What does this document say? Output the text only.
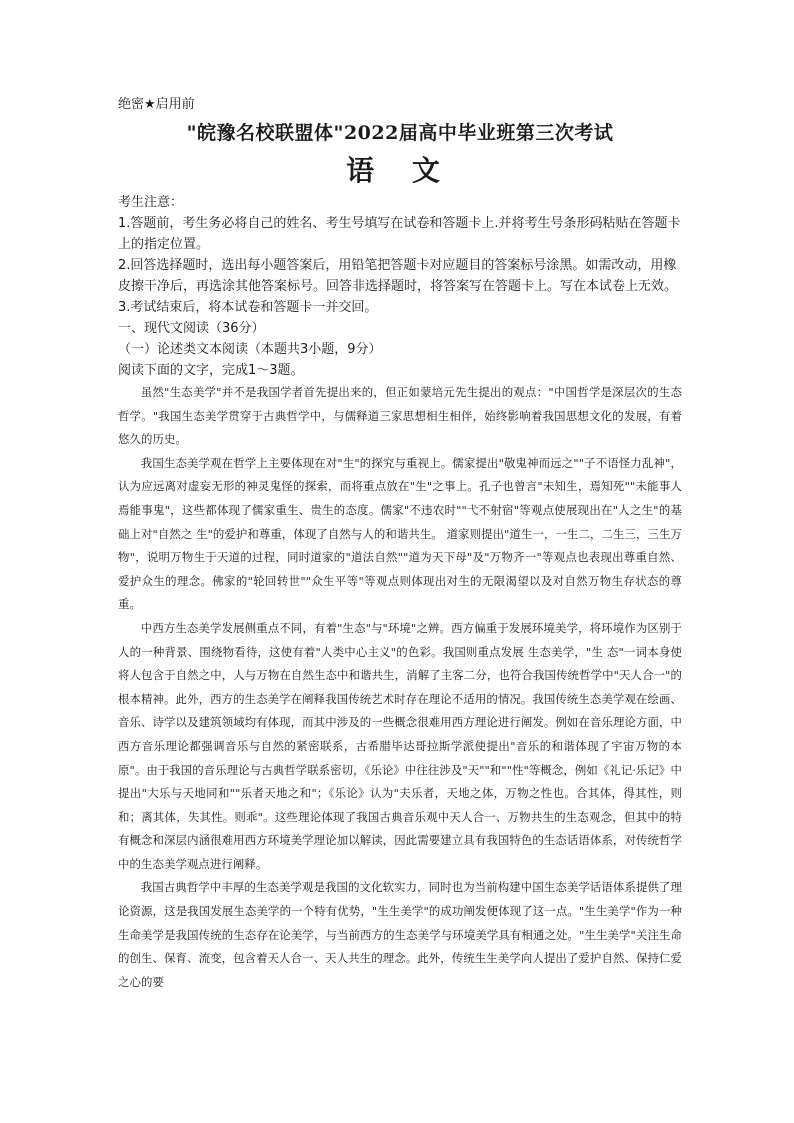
绝密★启用前
"皖豫名校联盟体"2022届高中毕业班第三次考试
语 文

考生注意：

1.答题前，考生务必将自己的姓名、考生号填写在试卷和答题卡上.并将考生号条形码粘贴在答题卡上的指定位置。

2.回答选择题时，选出每小题答案后，用铅笔把答题卡对应题目的答案标号涂黑。如需改动，用橡皮擦干净后，再选涂其他答案标号。回答非选择题时，将答案写在答题卡上。写在本试卷上无效。

3.考试结束后，将本试卷和答题卡一并交回。

一、现代文阅读（36分）

（一）论述类文本阅读（本题共3小题，9分）

阅读下面的文字，完成1～3题。

虽然"生态美学"并不是我国学者首先提出来的，但正如蒙培元先生提出的观点："中国哲学是深层次的生态哲学。"我国生态美学贯穿于古典哲学中，与儒释道三家思想相生相伴，始终影响着我国思想文化的发展，有着悠久的历史。

我国生态美学观在哲学上主要体现在对"生"的探究与重视上。儒家提出"敬鬼神而远之""子不语怪力乱神"，认为应远离对虚妄无形的神灵鬼怪的探索，而将重点放在"生"之事上。孔子也曾言"未知生，焉知死""未能事人焉能事鬼"，这些都体现了儒家重生、贵生的态度。儒家"不违农时""弋不射宿"等观点使展现出在"人之生"的基础上对"自然之 生"的爱护和尊重，体现了自然与人的和谐共生。 道家则提出"道生一，一生二，二生三，三生万物"，说明万物生于天道的过程，同时道家的"道法自然""道为天下母"及"万物齐一"等观点也表现出尊重自然、爱护众生的理念。佛家的"轮回转世""众生平等"等观点则体现出对生的无限渴望以及对自然万物生存状态的尊重。

中西方生态美学发展侧重点不同，有着"生态"与"环境"之辨。西方偏重于发展环境美学，将环境作为区别于人的一种背景、围绕物看待，这使有着"人类中心主义"的色彩。我国则重点发展 生态美学，"生 态"一词本身使将人包含于自然之中，人与万物在自然生态中和谐共生，消解了主客二分，也符合我国传统哲学中"天人合一"的根本精神。此外，西方的生态美学在阐释我国传统艺术时存在理论不适用的情况。我国传统生态美学观在绘画、音乐、诗学以及建筑领域均有体现，而其中涉及的一些概念很难用西方理论进行阐发。例如在音乐理论方面，中西方音乐理论都强调音乐与自然的紧密联系，古希腊毕达哥拉斯学派使提出"音乐的和谐体现了宇宙万物的本原"。由于我国的音乐理论与古典哲学联系密切，《乐论》中往往涉及"天""和""性"等概念，例如《礼记·乐记》中提出"大乐与天地同和""乐者天地之和"；《乐论》认为"夫乐者，天地之体，万物之性也。合其体，得其性，则和；离其体，失其性。则乖"。这些理论体现了我国古典音乐观中天人合一、万物共生的生态观念，但其中的特有概念和深层内涵很难用西方环境美学理论加以解读，因此需要建立具有我国特色的生态话语体系，对传统哲学中的生态美学观点进行阐释。

我国古典哲学中丰厚的生态美学观是我国的文化软实力，同时也为当前构建中国生态美学话语体系提供了理论资源，这是我国发展生态美学的一个特有优势，"生生美学"的成功阐发便体现了这一点。"生生美学"作为一种生命美学是我国传统的生态存在论美学，与当前西方的生态美学与环境美学具有相通之处。"生生美学"关注生命的创生、保育、流变，包含着天人合一、天人共生的理念。此外，传统生生美学向人提出了爱护自然、保持仁爱之心的要
